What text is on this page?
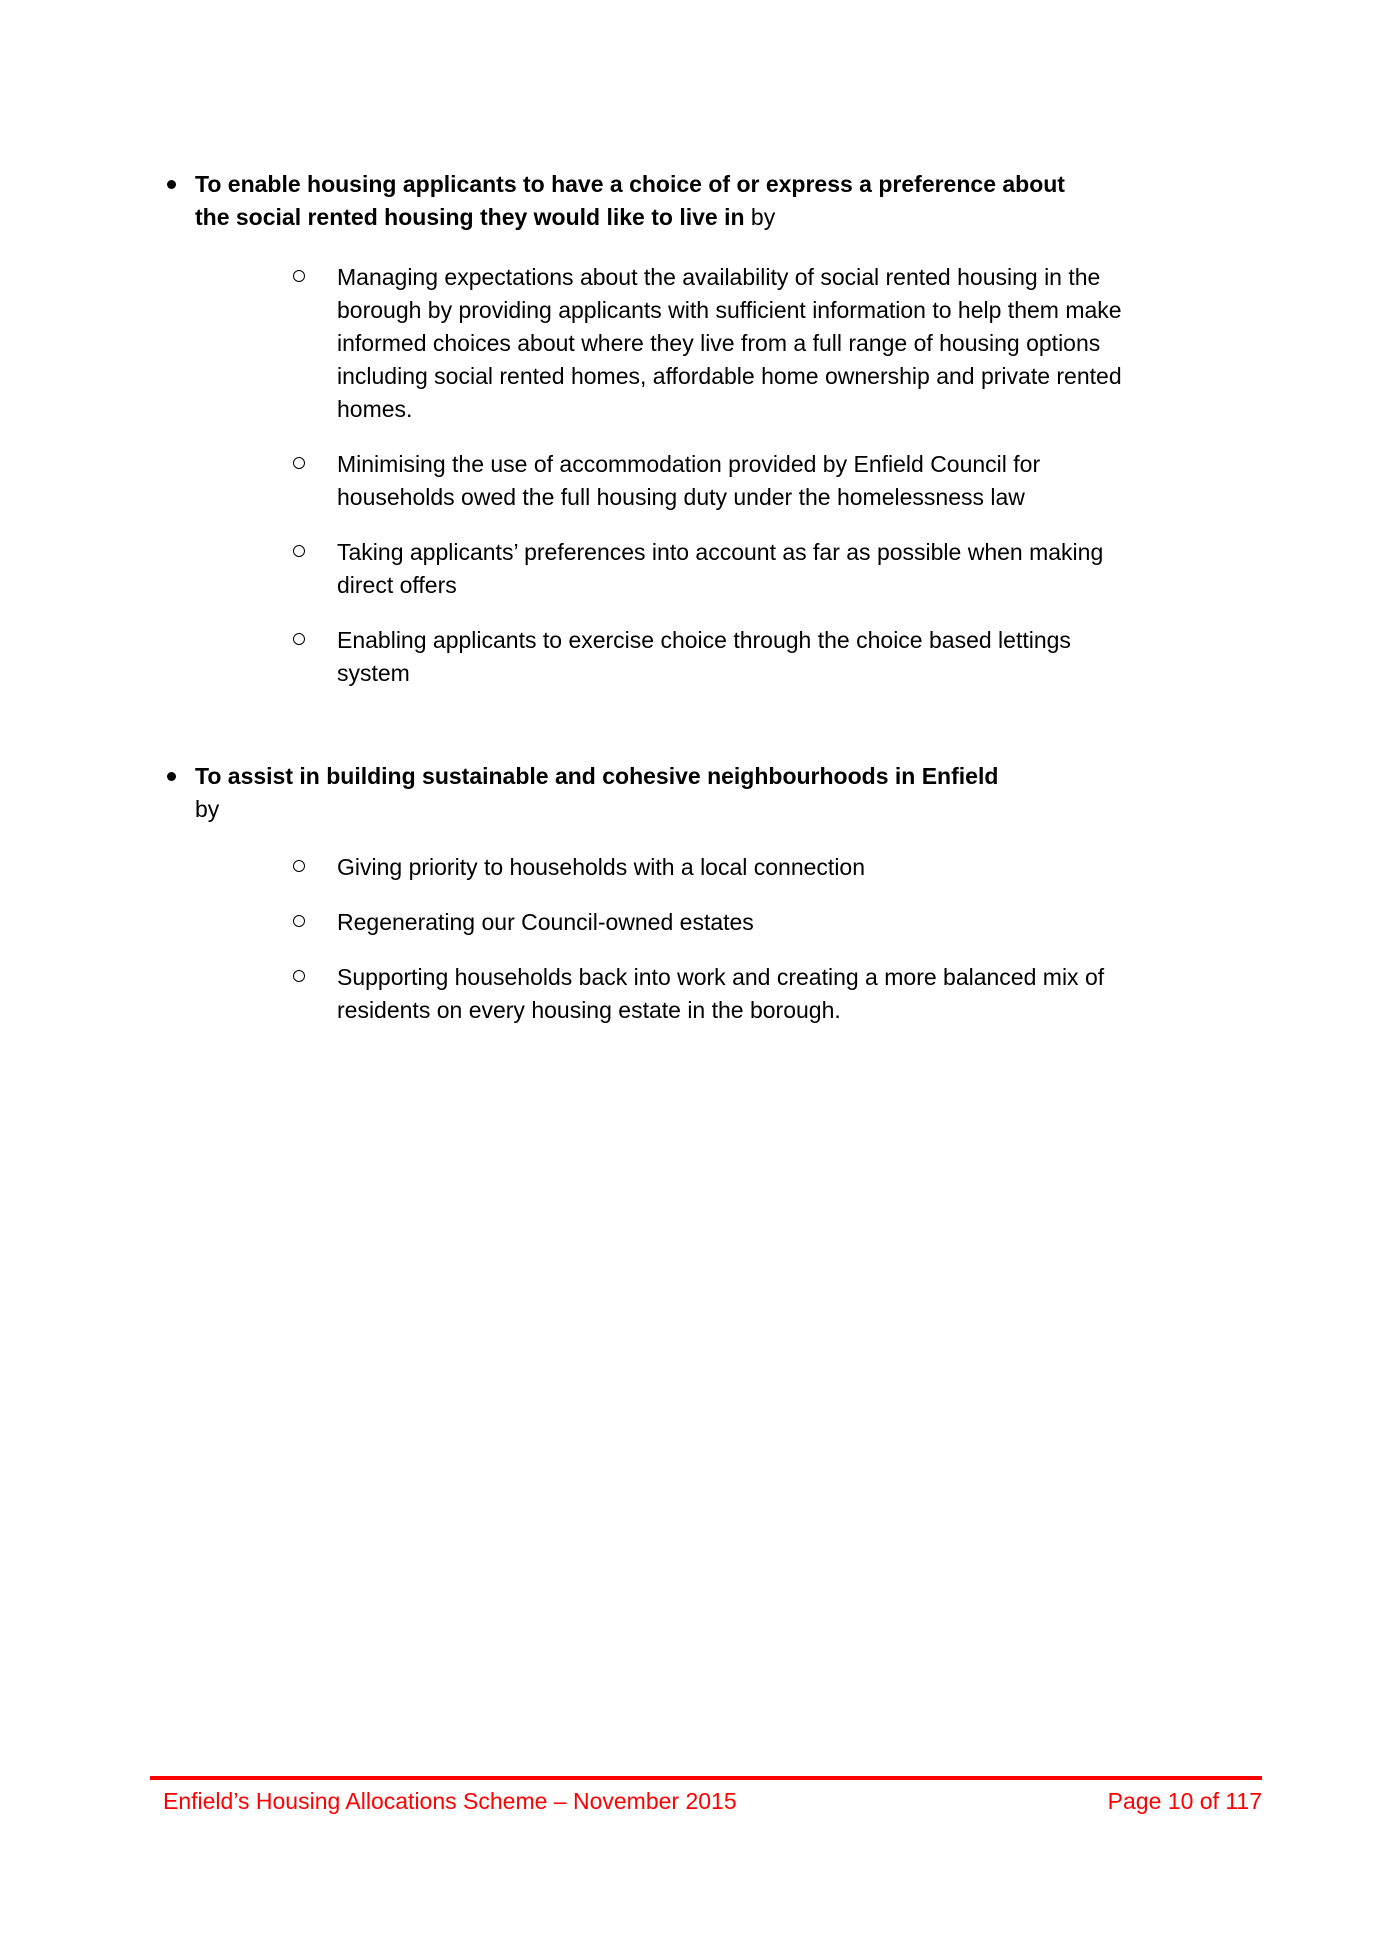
To enable housing applicants to have a choice of or express a preference about the social rented housing they would like to live in by

Managing expectations about the availability of social rented housing in the borough by providing applicants with sufficient information to help them make informed choices about where they live from a full range of housing options including social rented homes, affordable home ownership and private rented homes.

Minimising the use of accommodation provided by Enfield Council for households owed the full housing duty under the homelessness law

Taking applicants’ preferences into account as far as possible when making direct offers

Enabling applicants to exercise choice through the choice based lettings system

To assist in building sustainable and cohesive neighbourhoods in Enfield
by

Giving priority to households with a local connection

Regenerating our Council-owned estates

Supporting households back into work and creating a more balanced mix of residents on every housing estate in the borough.

Enfield’s Housing Allocations Scheme – November 2015	Page 10 of 117
